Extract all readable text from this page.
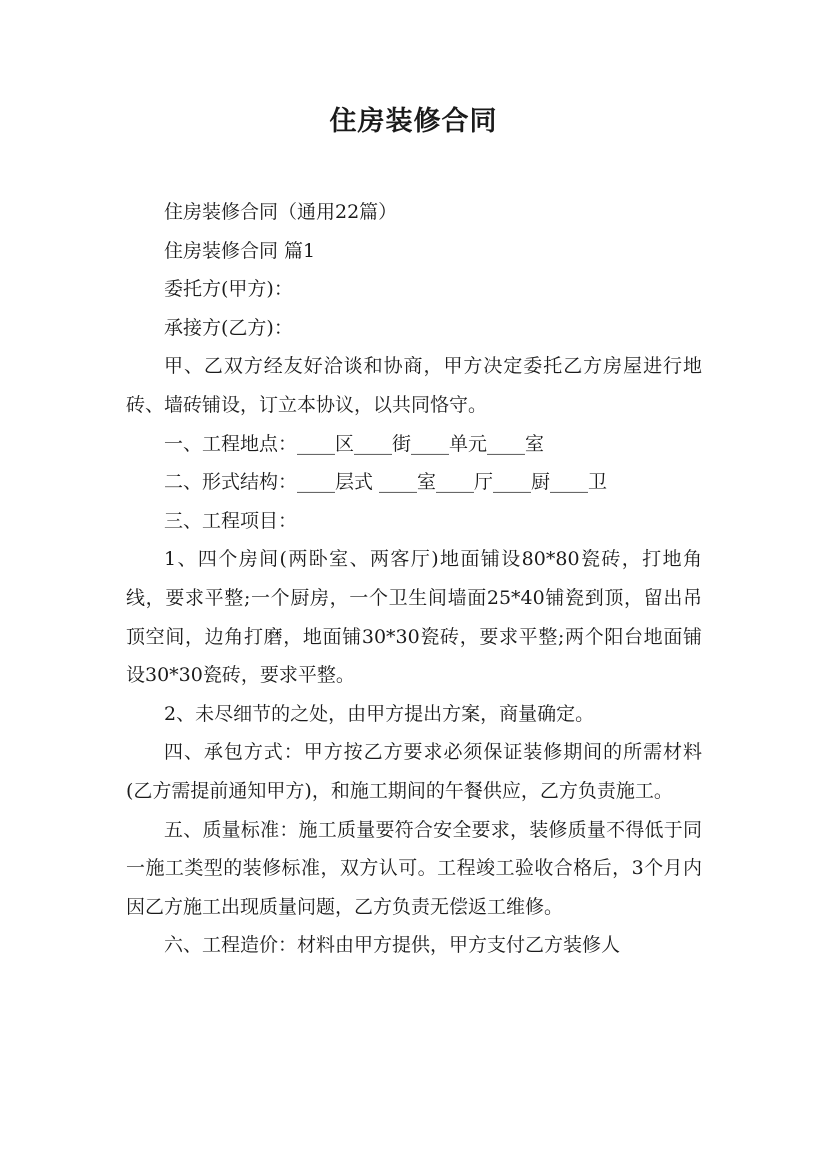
住房装修合同

住房装修合同（通用22篇）

住房装修合同 篇1

委托方(甲方)：

承接方(乙方)：

甲、乙双方经友好洽谈和协商，甲方决定委托乙方房屋进行地砖、墙砖铺设，订立本协议，以共同恪守。

一、工程地点：____区____街____单元____室

二、形式结构：____层式 ____室____厅____厨____卫

三、工程项目：

1、四个房间(两卧室、两客厅)地面铺设80*80瓷砖，打地角线，要求平整;一个厨房，一个卫生间墙面25*40铺瓷到顶，留出吊顶空间，边角打磨，地面铺30*30瓷砖，要求平整;两个阳台地面铺设30*30瓷砖，要求平整。

2、未尽细节的之处，由甲方提出方案，商量确定。

四、承包方式：甲方按乙方要求必须保证装修期间的所需材料(乙方需提前通知甲方)，和施工期间的午餐供应，乙方负责施工。

五、质量标准：施工质量要符合安全要求，装修质量不得低于同一施工类型的装修标准，双方认可。工程竣工验收合格后，3个月内因乙方施工出现质量问题，乙方负责无偿返工维修。

六、工程造价：材料由甲方提供，甲方支付乙方装修人
